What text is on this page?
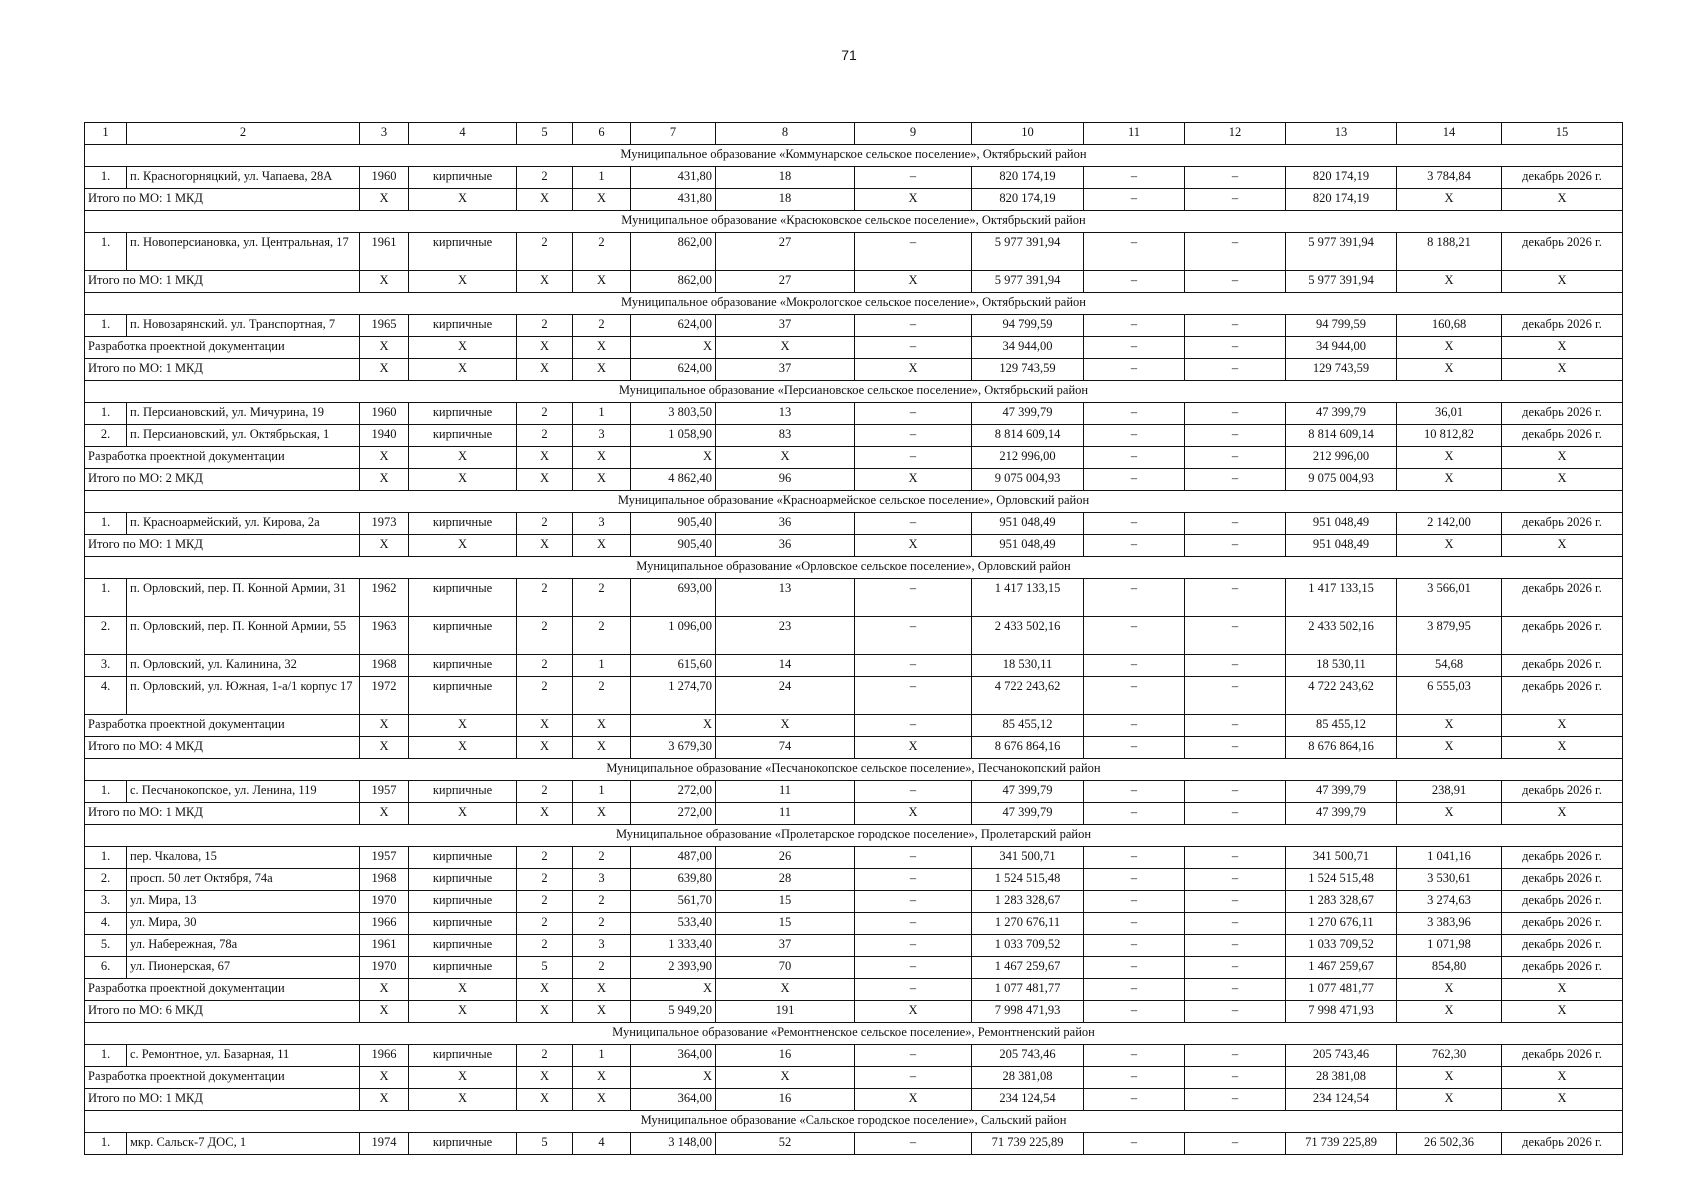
71
1	2	3	4	5	6	7	8	9	10	11	12	13	14	15
Муниципальное образование «Коммунарское сельское поселение», Октябрьский район														
1.	п. Красногорняцкий, ул. Чапаева, 28А	1960	кирпичные	2	1	431,80	18	–	820 174,19	–	–	820 174,19	3 784,84	декабрь 2026 г.
Итого по МО: 1 МКД		X	X	X	X	431,80	18	X	820 174,19	–	–	820 174,19	X	X
Муниципальное образование «Красюковское сельское поселение», Октябрьский район														
1.	п. Новоперсиановка, ул. Центральная, 17	1961	кирпичные	2	2	862,00	27	–	5 977 391,94	–	–	5 977 391,94	8 188,21	декабрь 2026 г.
Итого по МО: 1 МКД		X	X	X	X	862,00	27	X	5 977 391,94	–	–	5 977 391,94	X	X
Муниципальное образование «Мокрологское сельское поселение», Октябрьский район														
1.	п. Новозарянский. ул. Транспортная, 7	1965	кирпичные	2	2	624,00	37	–	94 799,59	–	–	94 799,59	160,68	декабрь 2026 г.
Разработка проектной документации		X	X	X	X	X	X	–	34 944,00	–	–	34 944,00	X	X
Итого по МО: 1 МКД		X	X	X	X	624,00	37	X	129 743,59	–	–	129 743,59	X	X
Муниципальное образование «Персиановское сельское поселение», Октябрьский район														
1.	п. Персиановский, ул. Мичурина, 19	1960	кирпичные	2	1	3 803,50	13	–	47 399,79	–	–	47 399,79	36,01	декабрь 2026 г.
2.	п. Персиановский, ул. Октябрьская, 1	1940	кирпичные	2	3	1 058,90	83	–	8 814 609,14	–	–	8 814 609,14	10 812,82	декабрь 2026 г.
Разработка проектной документации		X	X	X	X	X	X	–	212 996,00	–	–	212 996,00	X	X
Итого по МО: 2 МКД		X	X	X	X	4 862,40	96	X	9 075 004,93	–	–	9 075 004,93	X	X
Муниципальное образование «Красноармейское сельское поселение», Орловский район														
1.	п. Красноармейский, ул. Кирова, 2а	1973	кирпичные	2	3	905,40	36	–	951 048,49	–	–	951 048,49	2 142,00	декабрь 2026 г.
Итого по МО: 1 МКД		X	X	X	X	905,40	36	X	951 048,49	–	–	951 048,49	X	X
Муниципальное образование «Орловское сельское поселение», Орловский район														
1.	п. Орловский, пер. П. Конной Армии, 31	1962	кирпичные	2	2	693,00	13	–	1 417 133,15	–	–	1 417 133,15	3 566,01	декабрь 2026 г.
2.	п. Орловский, пер. П. Конной Армии, 55	1963	кирпичные	2	2	1 096,00	23	–	2 433 502,16	–	–	2 433 502,16	3 879,95	декабрь 2026 г.
3.	п. Орловский, ул. Калинина, 32	1968	кирпичные	2	1	615,60	14	–	18 530,11	–	–	18 530,11	54,68	декабрь 2026 г.
4.	п. Орловский, ул. Южная, 1-а/1 корпус 17	1972	кирпичные	2	2	1 274,70	24	–	4 722 243,62	–	–	4 722 243,62	6 555,03	декабрь 2026 г.
Разработка проектной документации		X	X	X	X	X	X	–	85 455,12	–	–	85 455,12	X	X
Итого по МО: 4 МКД		X	X	X	X	3 679,30	74	X	8 676 864,16	–	–	8 676 864,16	X	X
Муниципальное образование «Песчанокопское сельское поселение», Песчанокопский район														
1.	с. Песчанокопское, ул. Ленина, 119	1957	кирпичные	2	1	272,00	11	–	47 399,79	–	–	47 399,79	238,91	декабрь 2026 г.
Итого по МО: 1 МКД		X	X	X	X	272,00	11	X	47 399,79	–	–	47 399,79	X	X
Муниципальное образование «Пролетарское городское поселение», Пролетарский район														
1.	пер. Чкалова, 15	1957	кирпичные	2	2	487,00	26	–	341 500,71	–	–	341 500,71	1 041,16	декабрь 2026 г.
2.	просп. 50 лет Октября, 74а	1968	кирпичные	2	3	639,80	28	–	1 524 515,48	–	–	1 524 515,48	3 530,61	декабрь 2026 г.
3.	ул. Мира, 13	1970	кирпичные	2	2	561,70	15	–	1 283 328,67	–	–	1 283 328,67	3 274,63	декабрь 2026 г.
4.	ул. Мира, 30	1966	кирпичные	2	2	533,40	15	–	1 270 676,11	–	–	1 270 676,11	3 383,96	декабрь 2026 г.
5.	ул. Набережная, 78а	1961	кирпичные	2	3	1 333,40	37	–	1 033 709,52	–	–	1 033 709,52	1 071,98	декабрь 2026 г.
6.	ул. Пионерская, 67	1970	кирпичные	5	2	2 393,90	70	–	1 467 259,67	–	–	1 467 259,67	854,80	декабрь 2026 г.
Разработка проектной документации		X	X	X	X	X	X	–	1 077 481,77	–	–	1 077 481,77	X	X
Итого по МО: 6 МКД		X	X	X	X	5 949,20	191	X	7 998 471,93	–	–	7 998 471,93	X	X
Муниципальное образование «Ремонтненское сельское поселение», Ремонтненский район														
1.	с. Ремонтное, ул. Базарная, 11	1966	кирпичные	2	1	364,00	16	–	205 743,46	–	–	205 743,46	762,30	декабрь 2026 г.
Разработка проектной документации		X	X	X	X	X	X	–	28 381,08	–	–	28 381,08	X	X
Итого по МО: 1 МКД		X	X	X	X	364,00	16	X	234 124,54	–	–	234 124,54	X	X
Муниципальное образование «Сальское городское поселение», Сальский район														
1.	мкр. Сальск-7 ДОС, 1	1974	кирпичные	5	4	3 148,00	52	–	71 739 225,89	–	–	71 739 225,89	26 502,36	декабрь 2026 г.
